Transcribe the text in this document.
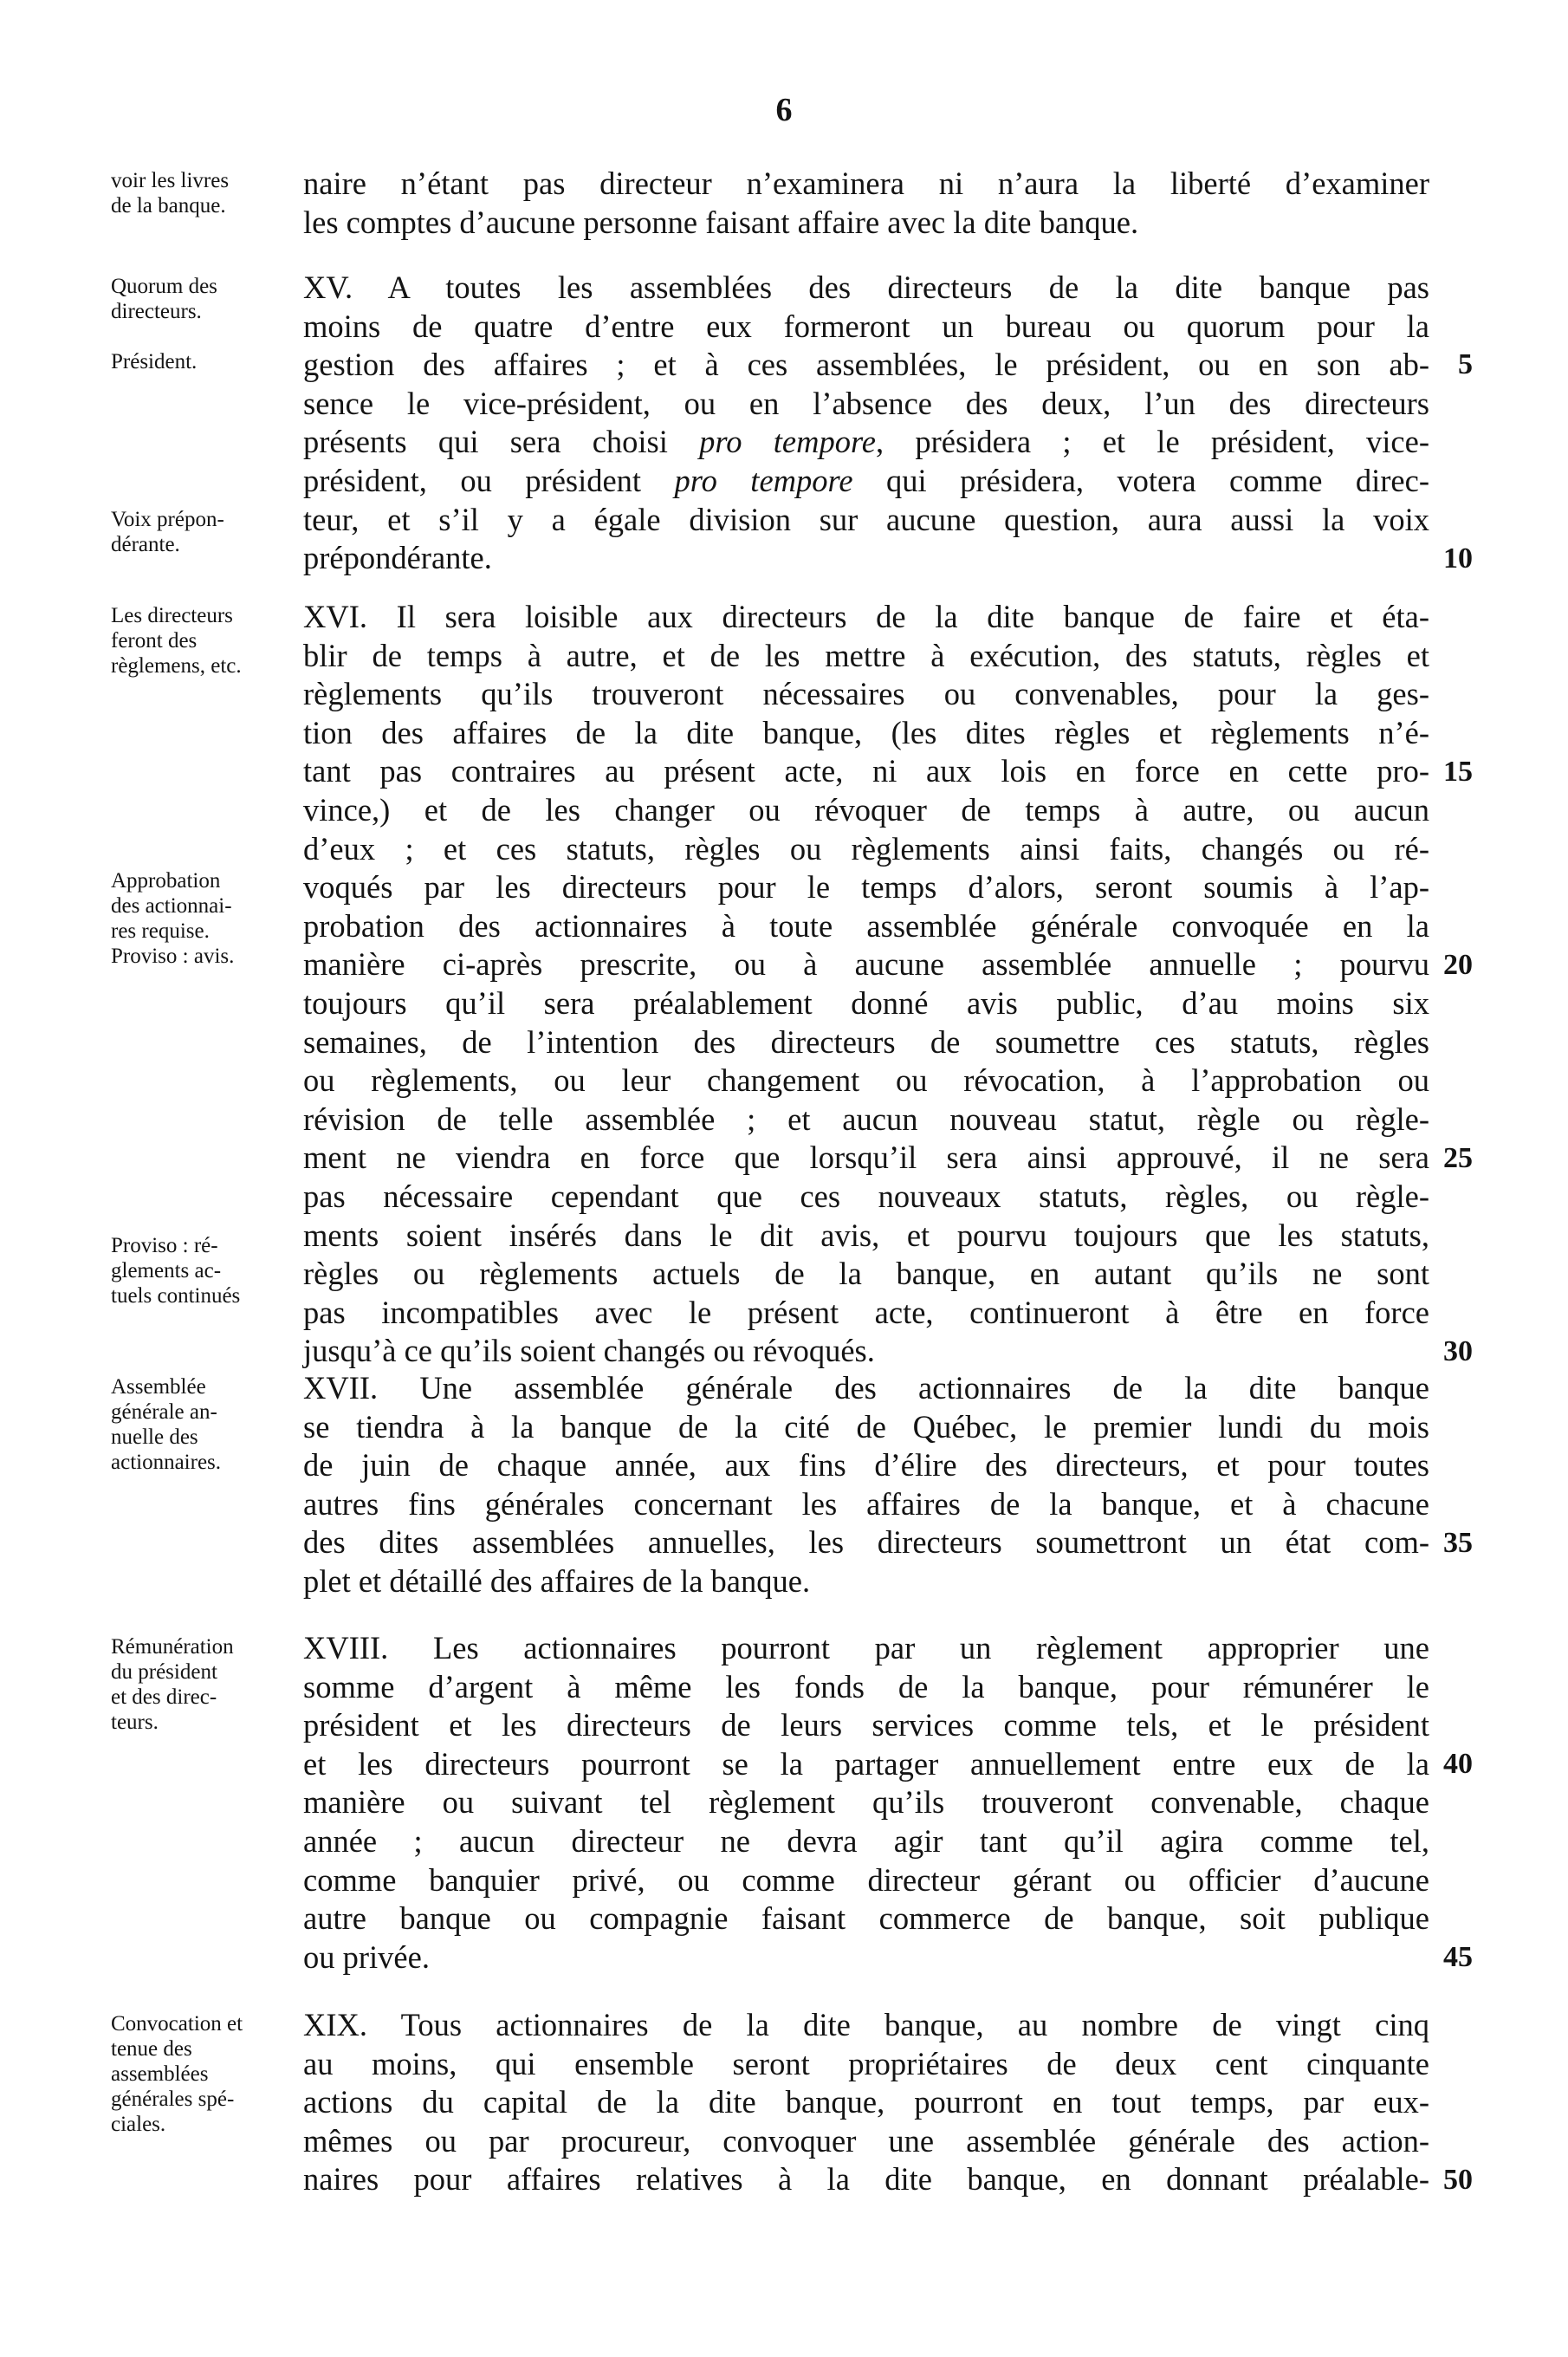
6
voir les livres
de la banque.
naire n’étant pas directeur n’examinera ni n’aura la liberté d’examiner
les comptes d’aucune personne faisant affaire avec la dite banque.
Quorum des
directeurs.
Président.
Voix prépon-
dérante.
XV. A toutes les assemblées des directeurs de la dite banque pas
moins de quatre d’entre eux formeront un bureau ou quorum pour la
gestion des affaires ; et à ces assemblées, le président, ou en son ab-
sence le vice-président, ou en l’absence des deux, l’un des directeurs
présents qui sera choisi pro tempore, présidera ; et le président, vice-
président, ou président pro tempore qui présidera, votera comme direc-
teur, et s’il y a égale division sur aucune question, aura aussi la voix
prépondérante.
5
10
Les directeurs
feront des
règlemens, etc.
Approbation
des actionnai-
res requise.
Proviso : avis.
Proviso : ré-
glements ac-
tuels continués
XVI. Il sera loisible aux directeurs de la dite banque de faire et éta-
blir de temps à autre, et de les mettre à exécution, des statuts, règles et
règlements qu’ils trouveront nécessaires ou convenables, pour la ges-
tion des affaires de la dite banque, (les dites règles et règlements n’é-
tant pas contraires au présent acte, ni aux lois en force en cette pro-
vince,) et de les changer ou révoquer de temps à autre, ou aucun
d’eux ; et ces statuts, règles ou règlements ainsi faits, changés ou ré-
voqués par les directeurs pour le temps d’alors, seront soumis à l’ap-
probation des actionnaires à toute assemblée générale convoquée en la
manière ci-après prescrite, ou à aucune assemblée annuelle ; pourvu
toujours qu’il sera préalablement donné avis public, d’au moins six
semaines, de l’intention des directeurs de soumettre ces statuts, règles
ou règlements, ou leur changement ou révocation, à l’approbation ou
révision de telle assemblée ; et aucun nouveau statut, règle ou règle-
ment ne viendra en force que lorsqu’il sera ainsi approuvé, il ne sera
pas nécessaire cependant que ces nouveaux statuts, règles, ou règle-
ments soient insérés dans le dit avis, et pourvu toujours que les statuts,
règles ou règlements actuels de la banque, en autant qu’ils ne sont
pas incompatibles avec le présent acte, continueront à être en force
jusqu’à ce qu’ils soient changés ou révoqués.
15
20
25
30
Assemblée
générale an-
nuelle des
actionnaires.
XVII. Une assemblée générale des actionnaires de la dite banque
se tiendra à la banque de la cité de Québec, le premier lundi du mois
de juin de chaque année, aux fins d’élire des directeurs, et pour toutes
autres fins générales concernant les affaires de la banque, et à chacune
des dites assemblées annuelles, les directeurs soumettront un état com-
plet et détaillé des affaires de la banque.
35
Rémunération
du président
et des direc-
teurs.
XVIII. Les actionnaires pourront par un règlement approprier une
somme d’argent à même les fonds de la banque, pour rémunérer le
président et les directeurs de leurs services comme tels, et le président
et les directeurs pourront se la partager annuellement entre eux de la
manière ou suivant tel règlement qu’ils trouveront convenable, chaque
année ; aucun directeur ne devra agir tant qu’il agira comme tel,
comme banquier privé, ou comme directeur gérant ou officier d’aucune
autre banque ou compagnie faisant commerce de banque, soit publique
ou privée.
40
45
Convocation et
tenue des
assemblées
générales spé-
ciales.
XIX. Tous actionnaires de la dite banque, au nombre de vingt cinq
au moins, qui ensemble seront propriétaires de deux cent cinquante
actions du capital de la dite banque, pourront en tout temps, par eux-
mêmes ou par procureur, convoquer une assemblée générale des action-
naires pour affaires relatives à la dite banque, en donnant préalable- 50
